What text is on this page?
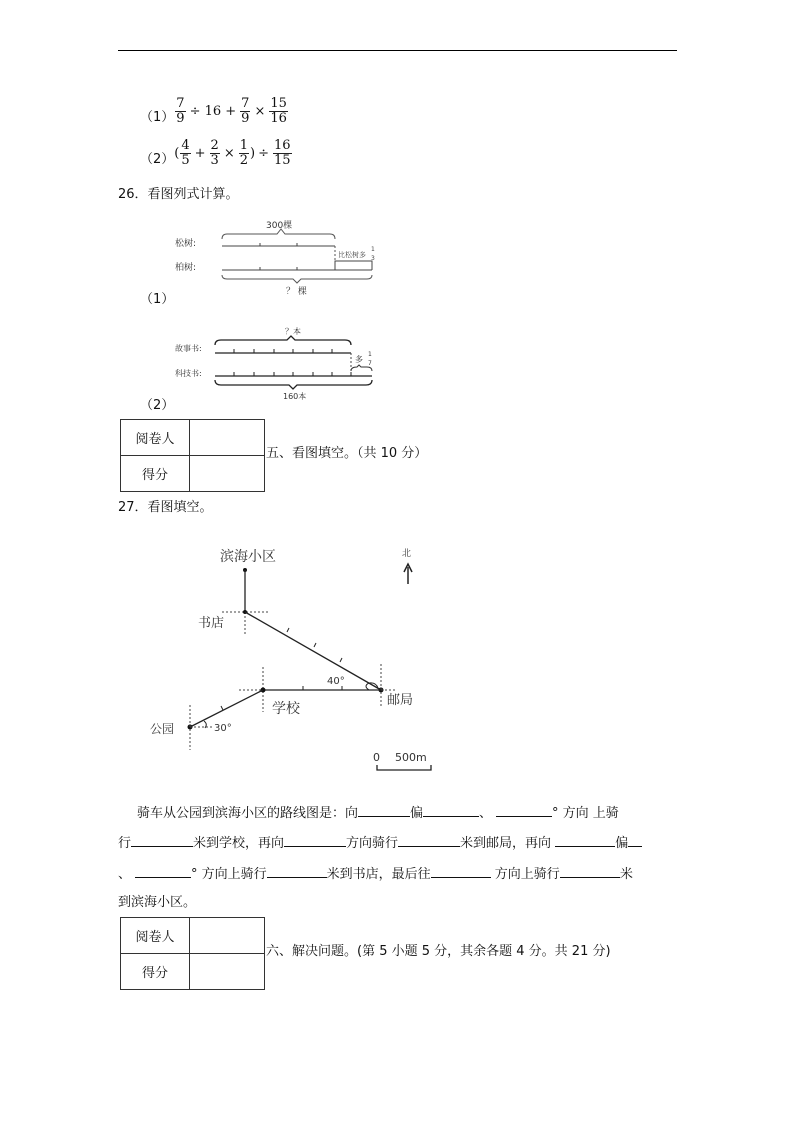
$(1) \frac{7}{9} \div 16 + \frac{7}{9} \times \frac{15}{16}$
（2） ( $\frac{4}{5} + \frac{2}{3} \times \frac{1}{2}$ ) ÷ $\frac{16}{15}$
26．看图列式计算。
300棵
松树:
比松树多
1
3
柏树:
？ 棵
（1）
？本
故事书:
多
1
7
科技书:
160本
（2）
阅卷人	
得分	
五、看图填空。（共 10 分）
27．看图填空。
滨海小区	北
书店
40°
邮局
学校
30°
公园
0 500m
骑车从公园到滨海小区的路线图是：向	偏	、	° 方向 上骑
行	米到学校，再向	方向骑行	米到邮局，再向	偏
、	° 方向上骑行	米到书店，最后往	方向上骑行	米
到滨海小区。
阅卷人	
得分	
六、解决问题。(第 5 小题 5 分，其余各题 4 分。共 21 分)
